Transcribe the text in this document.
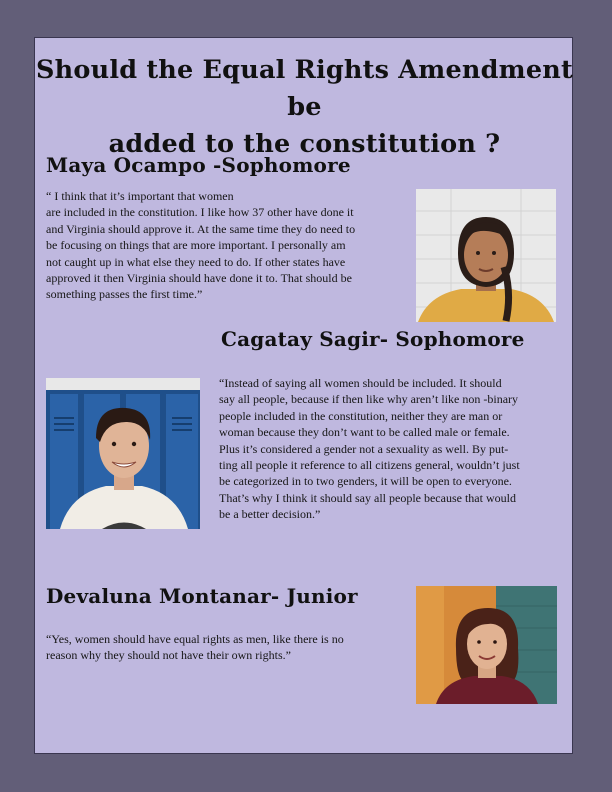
Should the Equal Rights Amendment be
added to the constitution ?
Maya Ocampo -Sophomore

“ I think that it’s important that women
are included in the constitution. I like how 37 other have done it
and Virginia should approve it. At the same time they do need to
be focusing on things that are more important. I personally am
not caught up in what else they need to do. If other states have
approved it then Virginia should have done it to. That should be
something passes the first time.”

Cagatay Sagir- Sophomore

“Instead of saying all women should be included. It should
say all people, because if then like why aren’t like non -binary
people included in the constitution, neither they are man or
woman because they don’t want to be called male or female.
Plus it’s considered a gender not a sexuality as well. By put-
ting all people it reference to all citizens general, wouldn’t just
be categorized in to two genders, it will be open to everyone.
That’s why I think it should say all people because that would
be a better decision.”

Devaluna Montanar- Junior

“Yes, women should have equal rights as men, like there is no
reason why they should not have their own rights.”
